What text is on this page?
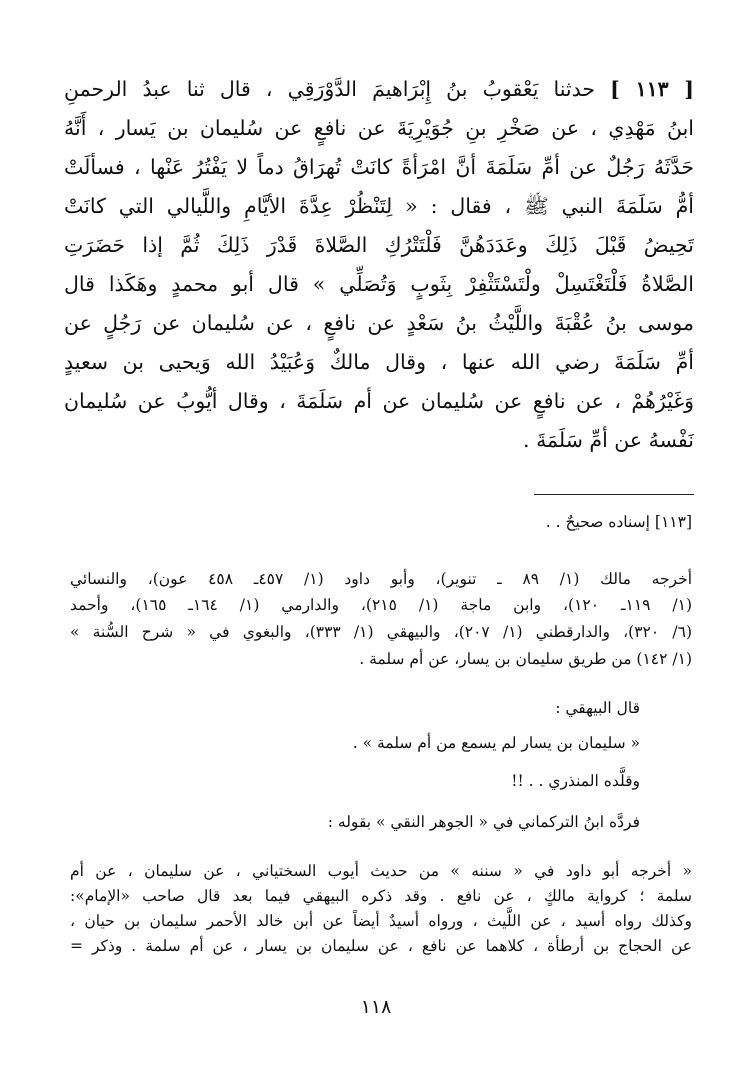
[ ١١٣ ] حدثنا يَعْقوبُ بنُ إِبْرَاهيمَ الدَّوْرَقِي ، قال ثنا عبدُ الرحمنِ
ابنُ مَهْدِي ، عن صَخْرِ بنِ جُوَيْرِيَةَ عن نافعٍ عن سُليمان بن يَسار ، أَنَّهُ
حَدَّثَهُ رَجُلٌ عن أمِّ سَلَمَةَ أنَّ امْرَأةً كانَتْ تُهرَاقُ دماً لا يَفْتُرُ عَنْها ، فسألَتْ
أمُّ سَلَمَةَ النبي ﷺ ، فقال : « لِتَنْظُرْ عِدَّةَ الأيَّامِ واللَّيالي التي كانَتْ
تَحِيضُ قَبْلَ ذَلِكَ وعَدَدَهُنَّ فَلْتَتْرُكِ الصَّلاةَ قَدْرَ ذَلِكَ ثُمَّ إذا حَضَرَتِ
الصَّلاةُ فَلْتَغْتَسِلْ ولْتَسْتَثْفِرْ بِثَوبٍ وَتُصَلِّي » قال أبو محمدٍ وهَكَذا قال
موسى بنُ عُقْبَةَ واللَّيْثُ بنُ سَعْدٍ عن نافعٍ ، عن سُليمان عن رَجُلٍ عن
أمِّ سَلَمَةَ رضي الله عنها ، وقال مالكٌ وَعُبَيْدُ الله وَيحيى بن سعيدٍ
وَغَيْرُهُمْ ، عن نافعٍ عن سُليمان عن أم سَلَمَةَ ، وقال أيُّوبُ عن سُليمان
نَفْسهُ عن أمِّ سَلَمَةَ .
[١١٣] إسناده صحيحٌ . .
أخرجه مالك (١/ ٨٩ ـ تنوير)، وأبو داود (١/ ٤٥٧ـ ٤٥٨ عون)، والنسائي
(١/ ١١٩ـ ١٢٠)، وابن ماجة (١/ ٢١٥)، والدارمي (١/ ١٦٤ـ ١٦٥)، وأحمد
(٦/ ٣٢٠)، والدارقطني (١/ ٢٠٧)، والبيهقي (١/ ٣٣٣)، والبغوي في « شرح السُّنة »
(١/ ١٤٢) من طريق سليمان بن يسار، عن أم سلمة .
قال البيهقي :
« سليمان بن يسار لم يسمع من أم سلمة » .
وقلَّده المنذري . . !!
فردَّه ابنُ التركماني في « الجوهر النقي » بقوله :
« أخرجه أبو داود في « سننه » من حديث أيوب السختياني ، عن سليمان ، عن أم
سلمة ؛ كرواية مالكٍ ، عن نافع . وقد ذكره البيهقي فيما بعد قال صاحب «الإمام»:
وكذلك رواه أسيد ، عن اللَّيث ، ورواه أسيدٌ أيضاً عن أبن خالد الأحمر سليمان بن حيان ،
عن الحجاج بن أرطأة ، كلاهما عن نافع ، عن سليمان بن يسار ، عن أم سلمة . وذكر =
١١٨
